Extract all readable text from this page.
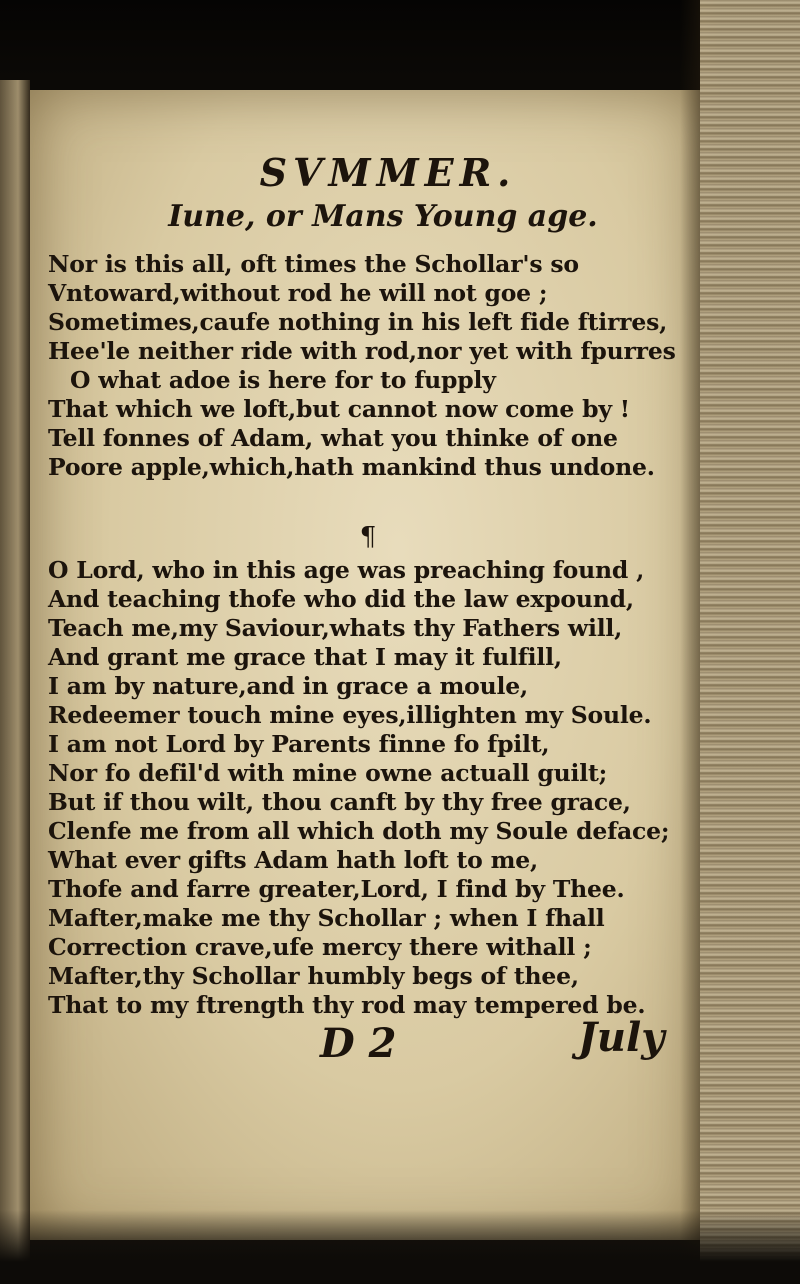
SVMMER.
Iune, or Mans Young age.
Nor is this all, oft times the Schollar's so
Vntoward,without rod he will not goe ;
Sometimes,caufe nothing in his left fide ftirres,
Hee'le neither ride with rod,nor yet with fpurres
O what adoe is here for to fupply
That which we loft,but cannot now come by !
Tell fonnes of Adam, what you thinke of one
Poore apple,which,hath mankind thus undone.
¶
O Lord, who in this age was preaching found ,
And teaching thofe who did the law expound,
Teach me,my Saviour,whats thy Fathers will,
And grant me grace that I may it fulfill,
I am by nature,and in grace a moule,
Redeemer touch mine eyes,illighten my Soule.
I am not Lord by Parents finne fo fpilt,
Nor fo defil'd with mine owne actuall guilt;
But if thou wilt, thou canft by thy free grace,
Clenfe me from all which doth my Soule deface;
What ever gifts Adam hath loft to me,
Thofe and farre greater,Lord, I find by Thee.
Mafter,make me thy Schollar ; when I fhall
Correction crave,ufe mercy there withall ;
Mafter,thy Schollar humbly begs of thee,
That to my ftrength thy rod may tempered be.
D 2	July
